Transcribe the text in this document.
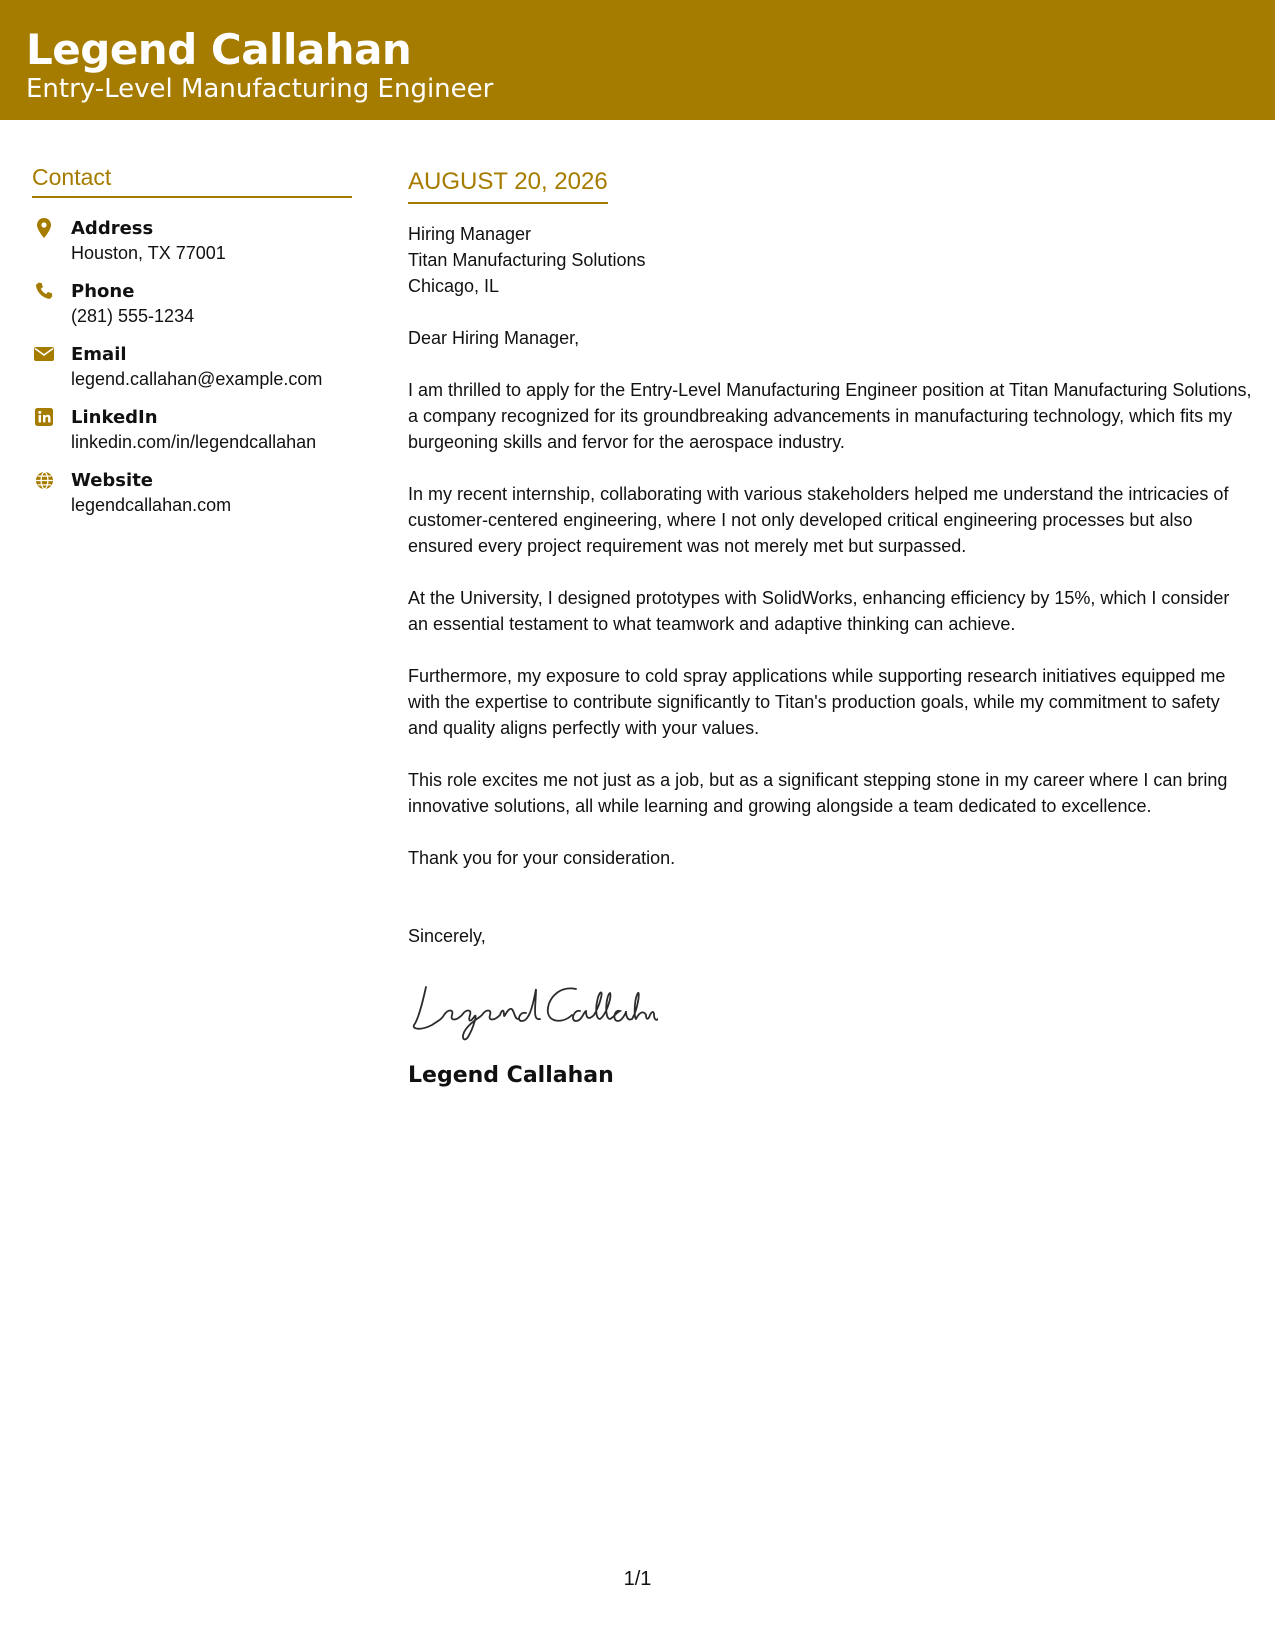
Legend Callahan
Entry-Level Manufacturing Engineer
Contact
Address
Houston, TX 77001
Phone
(281) 555-1234
Email
legend.callahan@example.com
LinkedIn
linkedin.com/in/legendcallahan
Website
legendcallahan.com
AUGUST 20, 2026
Hiring Manager
Titan Manufacturing Solutions
Chicago, IL
Dear Hiring Manager,
I am thrilled to apply for the Entry-Level Manufacturing Engineer position at Titan Manufacturing Solutions, a company recognized for its groundbreaking advancements in manufacturing technology, which fits my burgeoning skills and fervor for the aerospace industry.
In my recent internship, collaborating with various stakeholders helped me understand the intricacies of customer-centered engineering, where I not only developed critical engineering processes but also ensured every project requirement was not merely met but surpassed.
At the University, I designed prototypes with SolidWorks, enhancing efficiency by 15%, which I consider an essential testament to what teamwork and adaptive thinking can achieve.
Furthermore, my exposure to cold spray applications while supporting research initiatives equipped me with the expertise to contribute significantly to Titan's production goals, while my commitment to safety and quality aligns perfectly with your values.
This role excites me not just as a job, but as a significant stepping stone in my career where I can bring innovative solutions, all while learning and growing alongside a team dedicated to excellence.
Thank you for your consideration.
Sincerely,
Legend Callahan
1/1
